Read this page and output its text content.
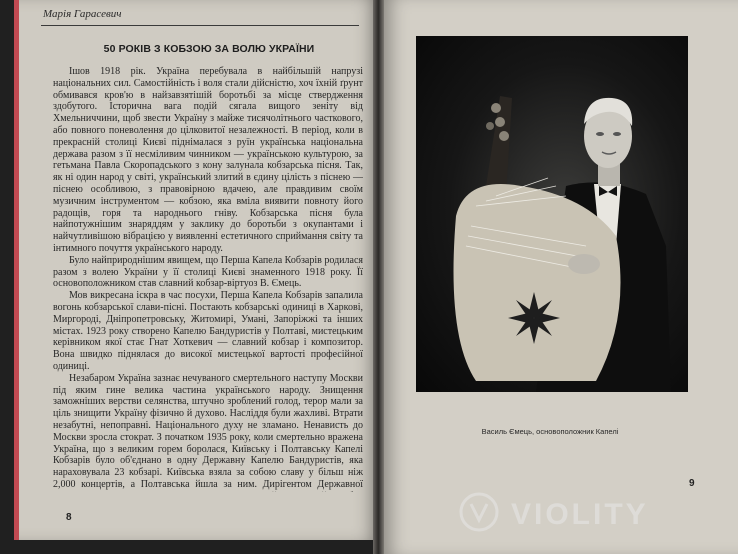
Марія Гарасевич
50 РОКІВ З КОБЗОЮ ЗА ВОЛЮ УКРАЇНИ

Ішов 1918 рік. Україна перебувала в найбільшій напрузі національних сил. Самостійність і воля стали дійсністю, хоч їхній ґрунт обмивався кров'ю в найзавзятішій боротьбі за місце ствердження здобутого. Історична вага подій сягала вищого зеніту від Хмельниччини, щоб звести Україну з майже тисячолітнього часткового, або повного поневолення до цілковитої незалежності. В період, коли в прекрасній столиці Києві піднімалася з руїн українська національна держава разом з її несміливим чинником — українською культурою, за гетьмана Павла Скоропадського з кону залунала кобзарська пісня. Так, як ні один народ у світі, український злитий в єдину цілість з піснею — піснею особливою, з правовірною вдачею, але правдивим своїм музичним інструментом — кобзою, яка вміла виявити повноту його радощів, горя та народнього гніву. Кобзарська пісня була найпотужнішим знаряддям у заклику до боротьби з окупантами і найчутливішою вібрацією у виявленні естетичного сприймання світу та інтимного почуття українського народу.

Було найприроднішим явищем, що Перша Капела Кобзарів родилася разом з волею України у її столиці Києві знаменного 1918 року. Її основоположником став славний кобзар-віртуоз В. Ємець.

Мов викресана іскра в час посухи, Перша Капела Кобзарів запалила вогонь кобзарської слави-пісні. Постають кобзарські одиниці в Харкові, Миргороді, Дніпропетровську, Житомирі, Умані, Запоріжжі та інших містах. 1923 року створено Капелю Бандуристів у Полтаві, мистецьким керівником якої стає Гнат Хоткевич — славний кобзар і композитор. Вона швидко піднялася до високої мистецької вартості професійної одиниці.

Незабаром Україна зазнає нечуваного смертельного наступу Москви під яким гине велика частина українського народу. Знищення заможніших верстви селянства, штучно зроблений голод, терор мали за ціль знищити Україну фізично й духово. Насліддя були жахливі. Втрати незабутні, непоправні. Національного духу не зламано. Ненависть до Москви зросла стократ. З початком 1935 року, коли смертельно вражена Україна, що з великим горем боролася, Київську і Полтавську Капелі Кобзарів було об'єднано в одну Державну Капелю Бандуристів, яка нараховувала 23 кобзарі. Київська взяла за собою славу у більш ніж 2,000 концертів, а Полтавська йшла за ним. Дирігентом Державної

8
Василь Ємець, основоположник Капелі
9
VIOLITY
